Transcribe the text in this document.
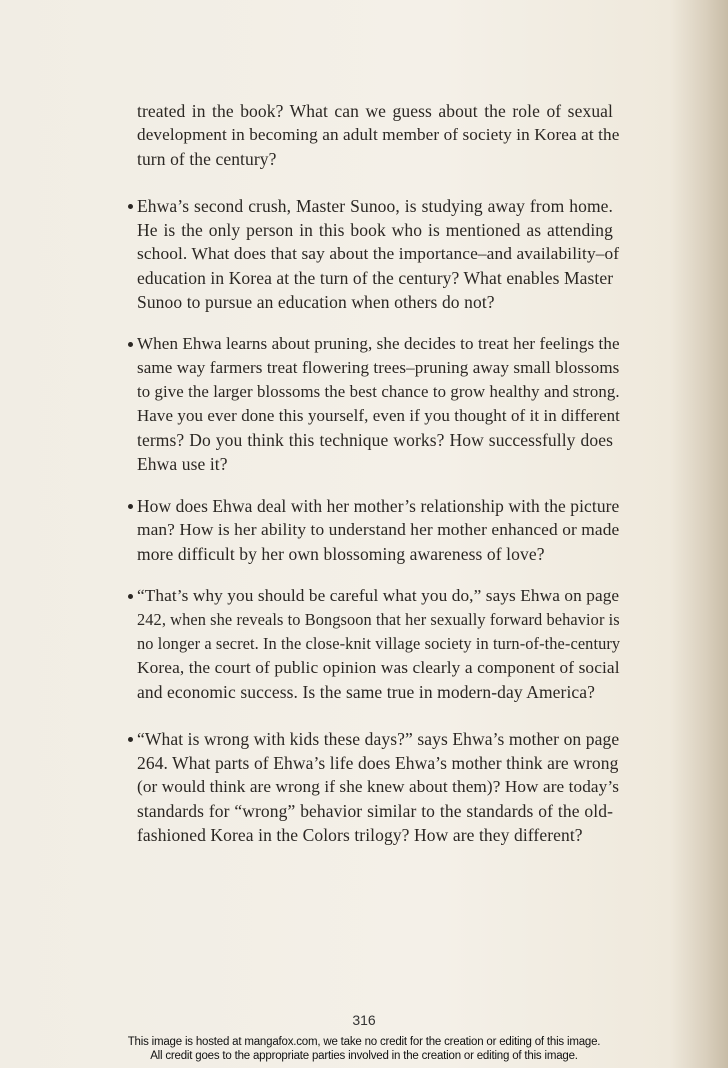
treated in the book? What can we guess about the role of sexual
development in becoming an adult member of society in Korea at the
turn of the century?
Ehwa’s second crush, Master Sunoo, is studying away from home.
He is the only person in this book who is mentioned as attending
school. What does that say about the importance–and availability–of
education in Korea at the turn of the century? What enables Master
Sunoo to pursue an education when others do not?
When Ehwa learns about pruning, she decides to treat her feelings the
same way farmers treat flowering trees–pruning away small blossoms
to give the larger blossoms the best chance to grow healthy and strong.
Have you ever done this yourself, even if you thought of it in different
terms? Do you think this technique works? How successfully does
Ehwa use it?
How does Ehwa deal with her mother’s relationship with the picture
man? How is her ability to understand her mother enhanced or made
more difficult by her own blossoming awareness of love?
“That’s why you should be careful what you do,” says Ehwa on page
242, when she reveals to Bongsoon that her sexually forward behavior is
no longer a secret. In the close-knit village society in turn-of-the-century
Korea, the court of public opinion was clearly a component of social
and economic success. Is the same true in modern-day America?
“What is wrong with kids these days?” says Ehwa’s mother on page
264. What parts of Ehwa’s life does Ehwa’s mother think are wrong
(or would think are wrong if she knew about them)? How are today’s
standards for “wrong” behavior similar to the standards of the old-
fashioned Korea in the Colors trilogy? How are they different?
316
This image is hosted at mangafox.com, we take no credit for the creation or editing of this image.
All credit goes to the appropriate parties involved in the creation or editing of this image.
